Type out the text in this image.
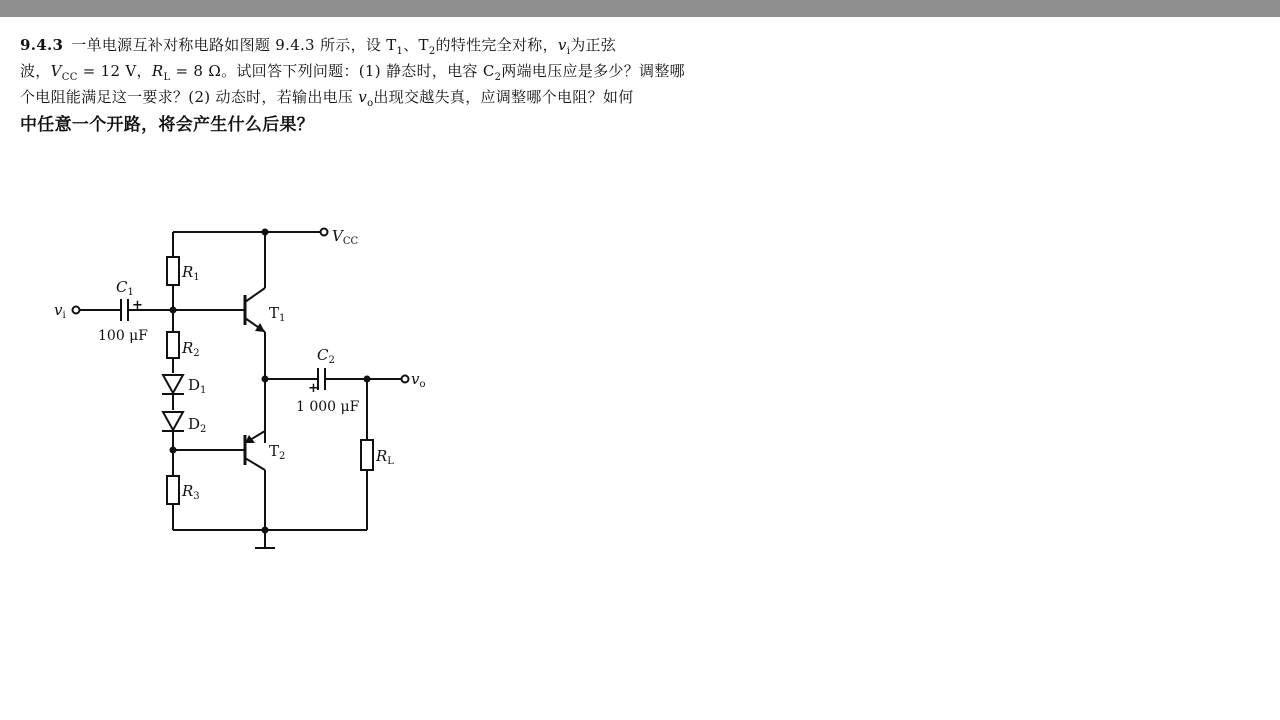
9.4.3 一单电源互补对称电路如图题 9.4.3 所示，设 $T_1$、$T_2$的特性完全对称，$v_i$为正弦
波，$V_{CC} = 12$ V，$R_L = 8$ Ω。试回答下列问题：(1) 静态时，电容 $C_2$两端电压应是多少？调整哪
个电阻能满足这一要求？(2) 动态时，若输出电压 $v_o$出现交越失真，应调整哪个电阻？如何
中任意一个开路，将会产生什么后果？
$V_{CC}$
$v_i$
$v_o$
$C_1$
+
100 μF
$C_2$
+
1 000 μF
$R_1$
$R_2$
$R_3$
$R_L$
$D_1$
$D_2$
$T_1$
$T_2$
